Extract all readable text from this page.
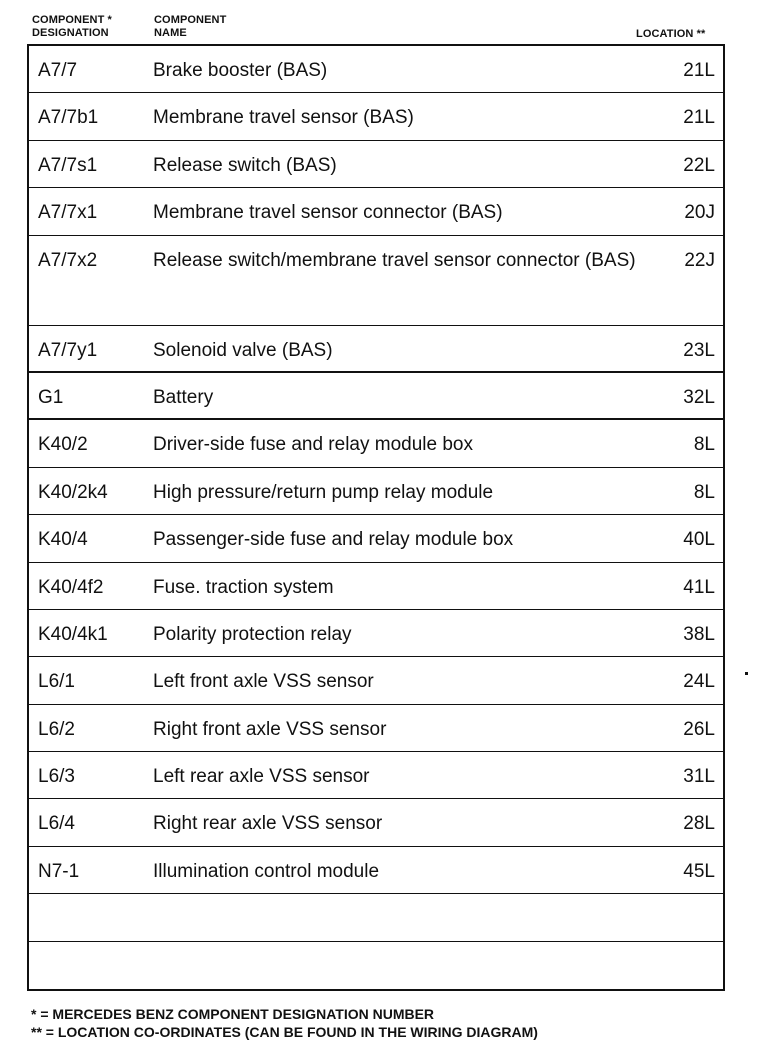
COMPONENT *
DESIGNATION
COMPONENT
NAME	LOCATION **
A7/7	Brake booster (BAS)	21L
A7/7b1	Membrane travel sensor (BAS)	21L
A7/7s1	Release switch (BAS)	22L
A7/7x1	Membrane travel sensor connector (BAS)	20J
A7/7x2	Release switch/membrane travel sensor connector (BAS)	22J
A7/7y1	Solenoid valve (BAS)	23L
G1	Battery	32L
K40/2	Driver-side fuse and relay module box	8L
K40/2k4 High pressure/return pump relay module	8L
K40/4	Passenger-side fuse and relay module box	40L
K40/4f2	Fuse. traction system	41L
K40/4k1 Polarity protection relay	38L
L6/1	Left front axle VSS sensor	24L
L6/2	Right front axle VSS sensor	26L
L6/3	Left rear axle VSS sensor	31L
L6/4	Right rear axle VSS sensor	28L
N7-1	Illumination control module	45L
* = MERCEDES BENZ COMPONENT DESIGNATION NUMBER
** = LOCATION CO-ORDINATES (CAN BE FOUND IN THE WIRING DIAGRAM)
